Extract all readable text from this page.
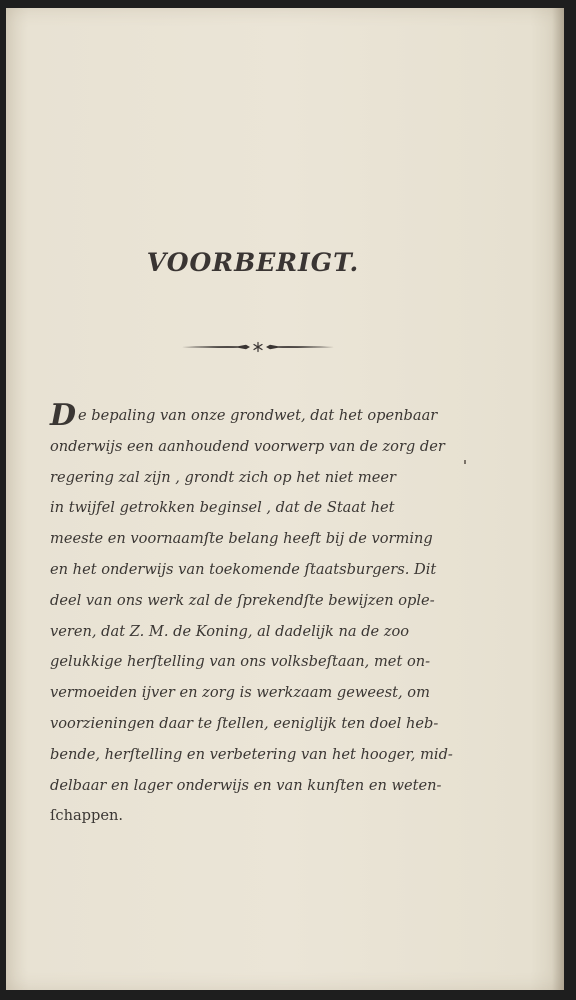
VOORBERIGT.
D e bepaling van onze grondwet, dat het openbaar
onderwijs een aanhoudend voorwerp van de zorg der
regering zal zijn , grondt zich op het niet meer
in twijfel getrokken beginsel , dat de Staat het
meeste en voornaamſte belang heeft bij de vorming
en het onderwijs van toekomende ſtaatsburgers. Dit
deel van ons werk zal de ſprekendſte bewijzen ople-
veren, dat Z. M. de Koning, al dadelijk na de zoo
gelukkige herſtelling van ons volksbeſtaan, met on-
vermoeiden ijver en zorg is werkzaam geweest, om
voorzieningen daar te ſtellen, eeniglijk ten doel heb-
bende, herſtelling en verbetering van het hooger, mid-
delbaar en lager onderwijs en van kunſten en weten-
ſchappen.
